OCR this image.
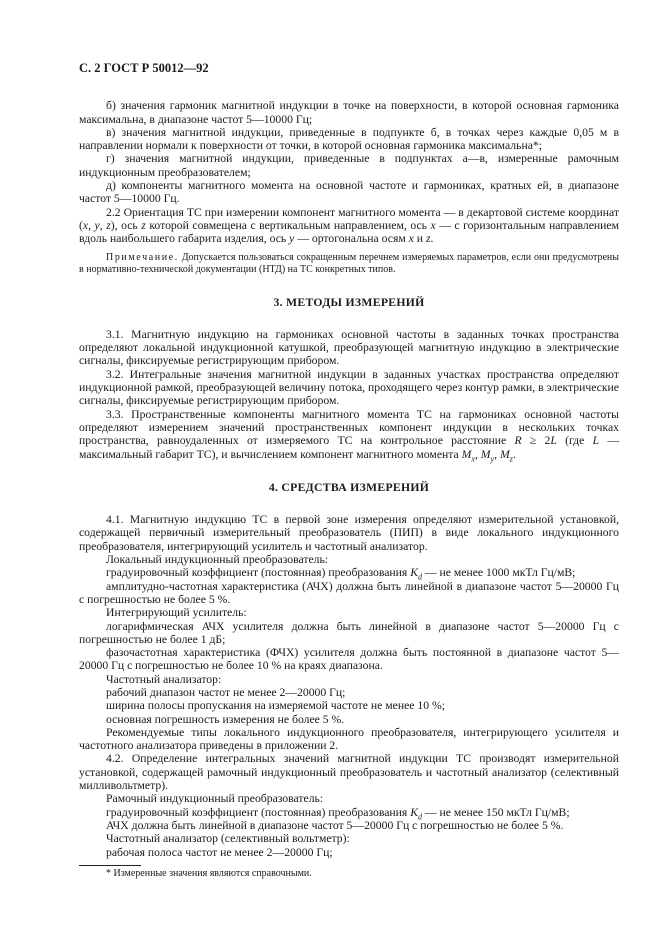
С. 2 ГОСТ Р 50012—92

б) значения гармоник магнитной индукции в точке на поверхности, в которой основная гармоника максимальна, в диапазоне частот 5—10000 Гц;

в) значения магнитной индукции, приведенные в подпункте б, в точках через каждые 0,05 м в направлении нормали к поверхности от точки, в которой основная гармоника максимальна*;

г) значения магнитной индукции, приведенные в подпунктах а—в, измеренные рамочным индукционным преобразователем;

д) компоненты магнитного момента на основной частоте и гармониках, кратных ей, в диапазоне частот 5—10000 Гц.

2.2 Ориентация ТС при измерении компонент магнитного момента — в декартовой системе координат (x, y, z), ось z которой совмещена с вертикальным направлением, ось x — с горизонтальным направлением вдоль наибольшего габарита изделия, ось y — ортогональна осям x и z.

Примечание. Допускается пользоваться сокращенным перечнем измеряемых параметров, если они предусмотрены в нормативно-технической документации (НТД) на ТС конкретных типов.

3. МЕТОДЫ ИЗМЕРЕНИЙ

3.1. Магнитную индукцию на гармониках основной частоты в заданных точках пространства определяют локальной индукционной катушкой, преобразующей магнитную индукцию в электрические сигналы, фиксируемые регистрирующим прибором.

3.2. Интегральные значения магнитной индукции в заданных участках пространства определяют индукционной рамкой, преобразующей величину потока, проходящего через контур рамки, в электрические сигналы, фиксируемые регистрирующим прибором.

3.3. Пространственные компоненты магнитного момента ТС на гармониках основной частоты определяют измерением значений пространственных компонент индукции в нескольких точках пространства, равноудаленных от измеряемого ТС на контрольное расстояние R ≥ 2L (где L — максимальный габарит ТС), и вычислением компонент магнитного момента $M_x$, $M_y$, $M_z$.

4. СРЕДСТВА ИЗМЕРЕНИЙ

4.1. Магнитную индукцию ТС в первой зоне измерения определяют измерительной установкой, содержащей первичный измерительный преобразователь (ПИП) в виде локального индукционного преобразователя, интегрирующий усилитель и частотный анализатор.

Локальный индукционный преобразователь:

градуировочный коэффициент (постоянная) преобразования $K_d$ — не менее 1000 мкТл Гц/мВ;

амплитудно-частотная характеристика (АЧХ) должна быть линейной в диапазоне частот 5—20000 Гц с погрешностью не более 5 %.

Интегрирующий усилитель:

логарифмическая АЧХ усилителя должна быть линейной в диапазоне частот 5—20000 Гц с погрешностью не более 1 дБ;

фазочастотная характеристика (ФЧХ) усилителя должна быть постоянной в диапазоне частот 5—20000 Гц с погрешностью не более 10 % на краях диапазона.

Частотный анализатор:

рабочий диапазон частот не менее 2—20000 Гц;

ширина полосы пропускания на измеряемой частоте не менее 10 %;

основная погрешность измерения не более 5 %.

Рекомендуемые типы локального индукционного преобразователя, интегрирующего усилителя и частотного анализатора приведены в приложении 2.

4.2. Определение интегральных значений магнитной индукции ТС производят измерительной установкой, содержащей рамочный индукционный преобразователь и частотный анализатор (селективный милливольтметр).

Рамочный индукционный преобразователь:

градуировочный коэффициент (постоянная) преобразования $K_d$ — не менее 150 мкТл Гц/мВ;

АЧХ должна быть линейной в диапазоне частот 5—20000 Гц с погрешностью не более 5 %.

Частотный анализатор (селективный вольтметр):

рабочая полоса частот не менее 2—20000 Гц;

* Измеренные значения являются справочными.
